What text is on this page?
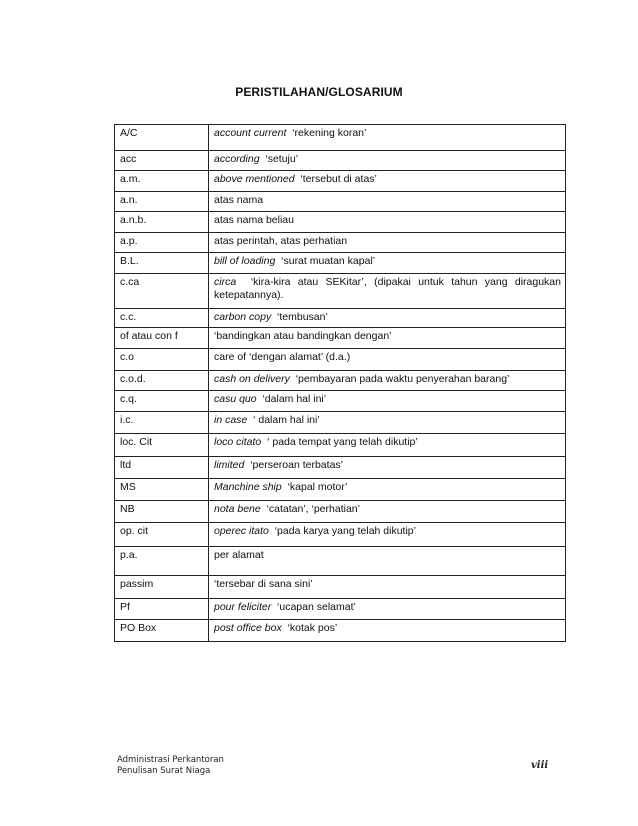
PERISTILAHAN/GLOSARIUM
A/C	account current ‘rekening koran’
acc	according ‘setuju’
a.m.	above mentioned ‘tersebut di atas’
a.n.	atas nama
a.n.b.	atas nama beliau
a.p.	atas perintah, atas perhatian
B.L.	bill of loading ‘surat muatan kapal’
c.ca	circa ‘kira-kira atau SEKitar’, (dipakai untuk tahun yang diragukan ketepatannya).
c.c.	carbon copy ‘tembusan’
of atau con f	‘bandingkan atau bandingkan dengan’
c.o	care of ‘dengan alamat’ (d.a.)
c.o.d.	cash on delivery ‘pembayaran pada waktu penyerahan barang’
c.q.	casu quo ‘dalam hal ini’
i.c.	in case ‘ dalam hal ini’
loc. Cit	loco citato ‘ pada tempat yang telah dikutip’
ltd	limited ‘perseroan terbatas’
MS	Manchine ship ‘kapal motor’
NB	nota bene ‘catatan’, ‘perhatian’
op. cit	operec itato ‘pada karya yang telah dikutip’
p.a.	per alamat
passim	‘tersebar di sana sini’
Pf	pour feliciter ‘ucapan selamat’
PO Box	post office box ‘kotak pos’
Administrasi Perkantoran
Penulisan Surat Niaga	viii
